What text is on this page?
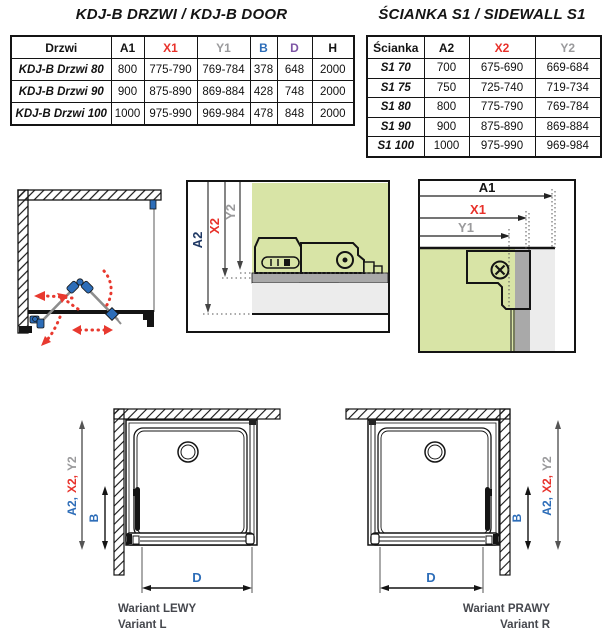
KDJ-B DRZWI / KDJ-B DOOR
Drzwi	A1	X1	Y1	B	D	H
KDJ-B Drzwi 80	800	775-790	769-784	378	648	2000
KDJ-B Drzwi 90	900	875-890	869-884	428	748	2000
KDJ-B Drzwi 100	1000	975-990	969-984	478	848	2000
ŚCIANKA S1 / SIDEWALL S1
Ścianka	A2	X2	Y2
S1 70	700	675-690	669-684
S1 75	750	725-740	719-734
S1 80	800	775-790	769-784
S1 90	900	875-890	869-884
S1 100	1000	975-990	969-984
A2
X2
Y2
A1
X1
Y1
A2,X2,Y2
B
D
A2,X2,Y2
B
D
Wariant LEWY
Variant L
Wariant PRAWY
Variant R
